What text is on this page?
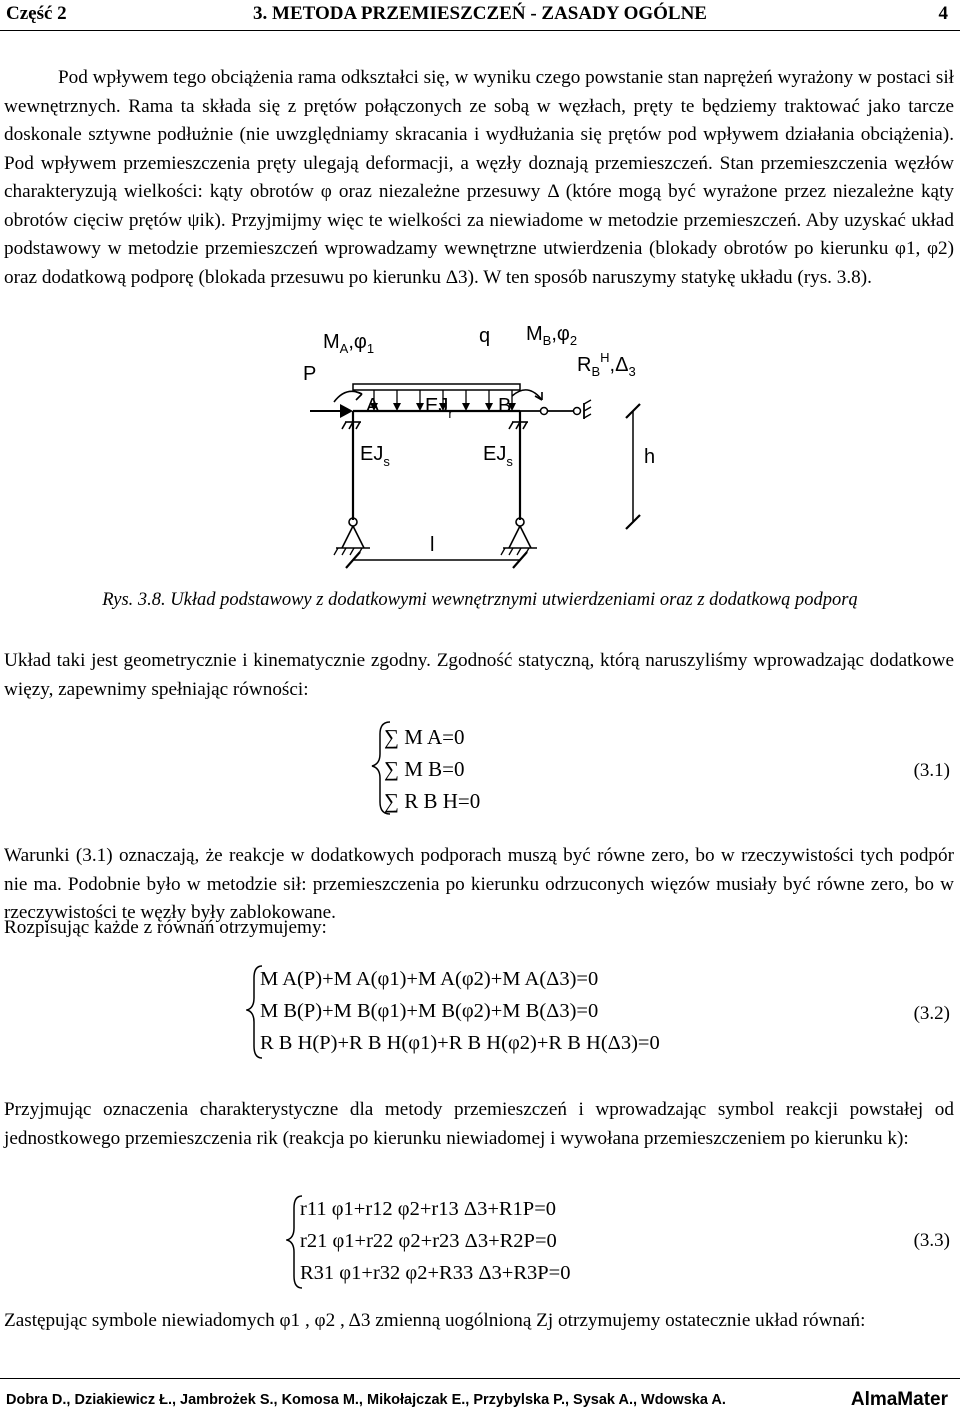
Część 2	3. METODA PRZEMIESZCZEŃ - ZASADY OGÓLNE	4

Pod wpływem tego obciążenia rama odkształci się, w wyniku czego powstanie stan naprężeń wyrażony w postaci sił wewnętrznych. Rama ta składa się z prętów połączonych ze sobą w węzłach, pręty te będziemy traktować jako tarcze doskonale sztywne podłużnie (nie uwzględniamy skracania i wydłużania się prętów pod wpływem działania obciążenia). Pod wpływem przemieszczenia pręty ulegają deformacji, a węzły doznają przemieszczeń. Stan przemieszczenia węzłów charakteryzują wielkości: kąty obrotów φ oraz niezależne przesuwy Δ (które mogą być wyrażone przez niezależne kąty obrotów cięciw prętów ψik). Przyjmijmy więc te wielkości za niewiadome w metodzie przemieszczeń. Aby uzyskać układ podstawowy w metodzie przemieszczeń wprowadzamy wewnętrzne utwierdzenia (blokady obrotów po kierunku φ1, φ2) oraz dodatkową podporę (blokada przesuwu po kierunku Δ3). W ten sposób naruszymy statykę układu (rys. 3.8).

$M_A,\varphi_1$
q $M_B,\varphi_2$
P	$R_B^H,\Delta_3$
A $EJ_r$ B
$EJ_s$	$EJ_s$	h
l
Rys. 3.8. Układ podstawowy z dodatkowymi wewnętrznymi utwierdzeniami oraz z dodatkową podporą

Układ taki jest geometrycznie i kinematycznie zgodny. Zgodność statyczną, którą naruszyliśmy wprowadzając dodatkowe więzy, zapewnimy spełniając równości:

∑ M A=0
∑ M B=0
∑ R B H=0
(3.1)

Warunki (3.1) oznaczają, że reakcje w dodatkowych podporach muszą być równe zero, bo w rzeczywistości tych podpór nie ma. Podobnie było w metodzie sił: przemieszczenia po kierunku odrzuconych więzów musiały być równe zero, bo w rzeczywistości te węzły były zablokowane.

Rozpisując każde z równań otrzymujemy:

M A(P)+M A(φ1)+M A(φ2)+M A(Δ3)=0
M B(P)+M B(φ1)+M B(φ2)+M B(Δ3)=0
R B H(P)+R B H(φ1)+R B H(φ2)+R B H(Δ3)=0
(3.2)

Przyjmując oznaczenia charakterystyczne dla metody przemieszczeń i wprowadzając symbol reakcji powstałej od jednostkowego przemieszczenia rik (reakcja po kierunku niewiadomej i wywołana przemieszczeniem po kierunku k):

r11 φ1+r12 φ2+r13 Δ3+R1P=0
r21 φ1+r22 φ2+r23 Δ3+R2P=0
R31 φ1+r32 φ2+R33 Δ3+R3P=0
(3.3)

Zastępując symbole niewiadomych φ1 , φ2 , Δ3 zmienną uogólnioną Zj otrzymujemy ostatecznie układ równań:

Dobra D., Dziakiewicz Ł., Jambrożek S., Komosa M., Mikołajczak E., Przybylska P., Sysak A., Wdowska A.	AlmaMater
